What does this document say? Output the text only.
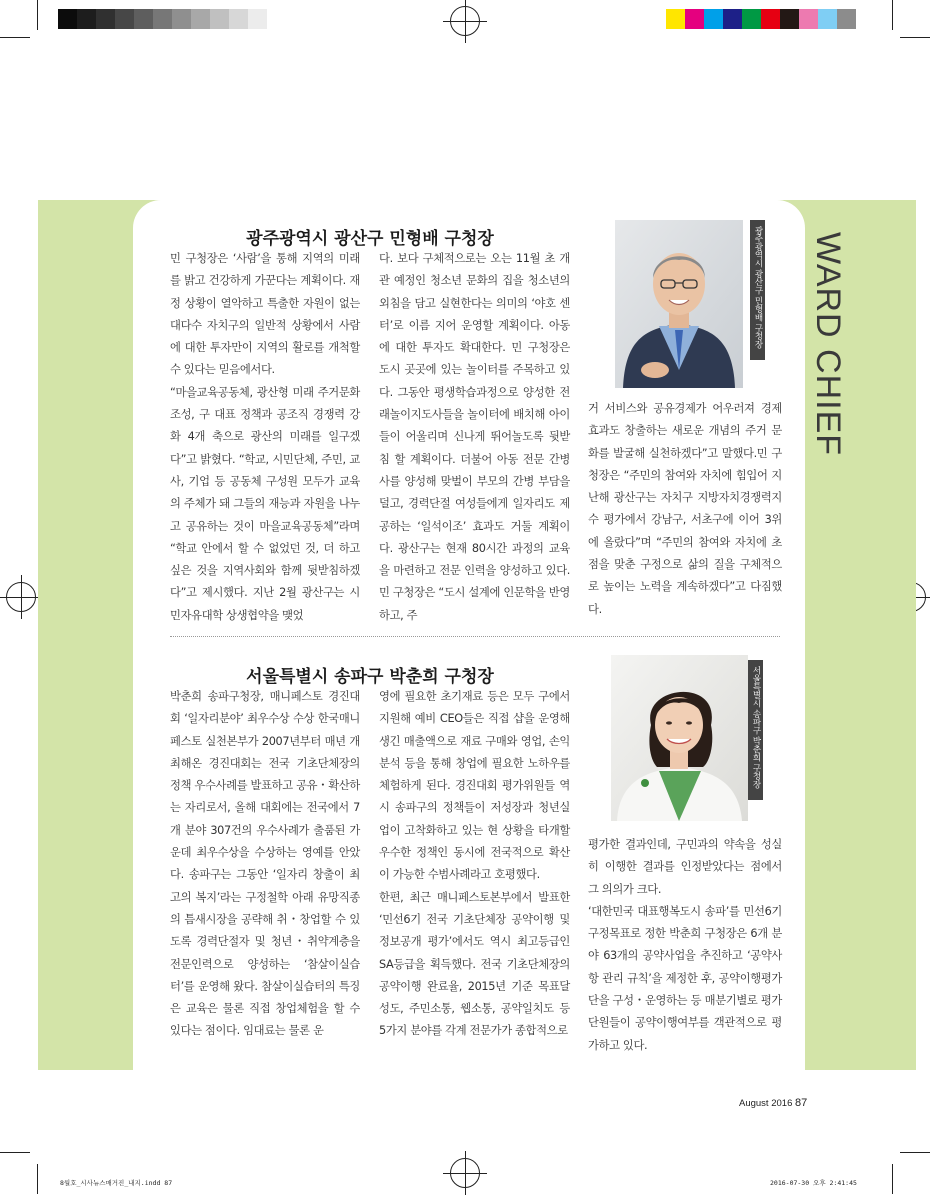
WARD CHIEF
광주광역시 광산구 민형배 구청장

민 구청장은 ‘사람’을 통해 지역의 미래를 밝고 건강하게 가꾼다는 계획이다. 재정 상황이 열악하고 특출한 자원이 없는 대다수 자치구의 일반적 상황에서 사람에 대한 투자만이 지역의 활로를 개척할 수 있다는 믿음에서다.

“마을교육공동체, 광산형 미래 주거문화 조성, 구 대표 정책과 공조직 경쟁력 강화 4개 축으로 광산의 미래를 일구겠다”고 밝혔다. “학교, 시민단체, 주민, 교사, 기업 등 공동체 구성원 모두가 교육의 주체가 돼 그들의 재능과 자원을 나누고 공유하는 것이 마을교육공동체”라며 “학교 안에서 할 수 없었던 것, 더 하고 싶은 것을 지역사회와 함께 뒷받침하겠다”고 제시했다. 지난 2월 광산구는 시민자유대학 상생협약을 맺었

다. 보다 구체적으로는 오는 11월 초 개관 예정인 청소년 문화의 집을 청소년의 외침을 담고 실현한다는 의미의 ‘야호 센터’로 이름 지어 운영할 계획이다. 아동에 대한 투자도 확대한다. 민 구청장은 도시 곳곳에 있는 놀이터를 주목하고 있다. 그동안 평생학습과정으로 양성한 전래놀이지도사들을 놀이터에 배치해 아이들이 어울리며 신나게 뛰어놀도록 뒷받침 할 계획이다. 더불어 아동 전문 간병사를 양성해 맞벌이 부모의 간병 부담을 덜고, 경력단절 여성들에게 일자리도 제공하는 ‘일석이조’ 효과도 거둘 계획이다. 광산구는 현재 80시간 과정의 교육을 마련하고 전문 인력을 양성하고 있다. 민 구청장은 “도시 설계에 인문학을 반영하고, 주

거 서비스와 공유경제가 어우러져 경제 효과도 창출하는 새로운 개념의 주거 문화를 발굴해 실천하겠다”고 말했다.민 구청장은 “주민의 참여와 자치에 힘입어 지난해 광산구는 자치구 지방자치경쟁력지수 평가에서 강남구, 서초구에 이어 3위에 올랐다”며 “주민의 참여와 자치에 초점을 맞춘 구정으로 삶의 질을 구체적으로 높이는 노력을 계속하겠다”고 다짐했다.

광주광역시 광산구 민형배 구청장
서울특별시 송파구 박춘희 구청장

박춘희 송파구청장, 매니페스토 경진대회 ‘일자리분야’ 최우수상 수상 한국매니페스토 실천본부가 2007년부터 매년 개최해온 경진대회는 전국 기초단체장의 정책 우수사례를 발표하고 공유・확산하는 자리로서, 올해 대회에는 전국에서 7개 분야 307건의 우수사례가 출품된 가운데 최우수상을 수상하는 영예를 안았다. 송파구는 그동안 ‘일자리 창출이 최고의 복지’라는 구정철학 아래 유망직종의 틈새시장을 공략해 취・창업할 수 있도록 경력단절자 및 청년・취약계층을 전문인력으로 양성하는 ‘참살이실습터’를 운영해 왔다. 참살이실습터의 특징은 교육은 물론 직접 창업체험을 할 수 있다는 점이다. 임대료는 물론 운

영에 필요한 초기재료 등은 모두 구에서 지원해 예비 CEO들은 직접 샵을 운영해 생긴 매출액으로 재료 구매와 영업, 손익분석 등을 통해 창업에 필요한 노하우를 체험하게 된다. 경진대회 평가위원들 역시 송파구의 정책들이 저성장과 청년실업이 고착화하고 있는 현 상황을 타개할 우수한 정책인 동시에 전국적으로 확산이 가능한 수범사례라고 호평했다.

한편, 최근 매니페스토본부에서 발표한 ‘민선6기 전국 기초단체장 공약이행 및 정보공개 평가’에서도 역시 최고등급인 SA등급을 획득했다. 전국 기초단체장의 공약이행 완료율, 2015년 기준 목표달성도, 주민소통, 웹소통, 공약일치도 등 5가지 분야를 각계 전문가가 종합적으로

평가한 결과인데, 구민과의 약속을 성실히 이행한 결과를 인정받았다는 점에서 그 의의가 크다.

‘대한민국 대표행복도시 송파’를 민선6기 구정목표로 정한 박춘희 구청장은 6개 분야 63개의 공약사업을 추진하고 ‘공약사항 관리 규칙’을 제정한 후, 공약이행평가단을 구성・운영하는 등 매분기별로 평가단원들이 공약이행여부를 객관적으로 평가하고 있다.

서울특별시 송파구 박춘희 구청장
August 2016 87
8월호_시사뉴스매거진_내지.indd 87	2016-07-30 오후 2:41:45
